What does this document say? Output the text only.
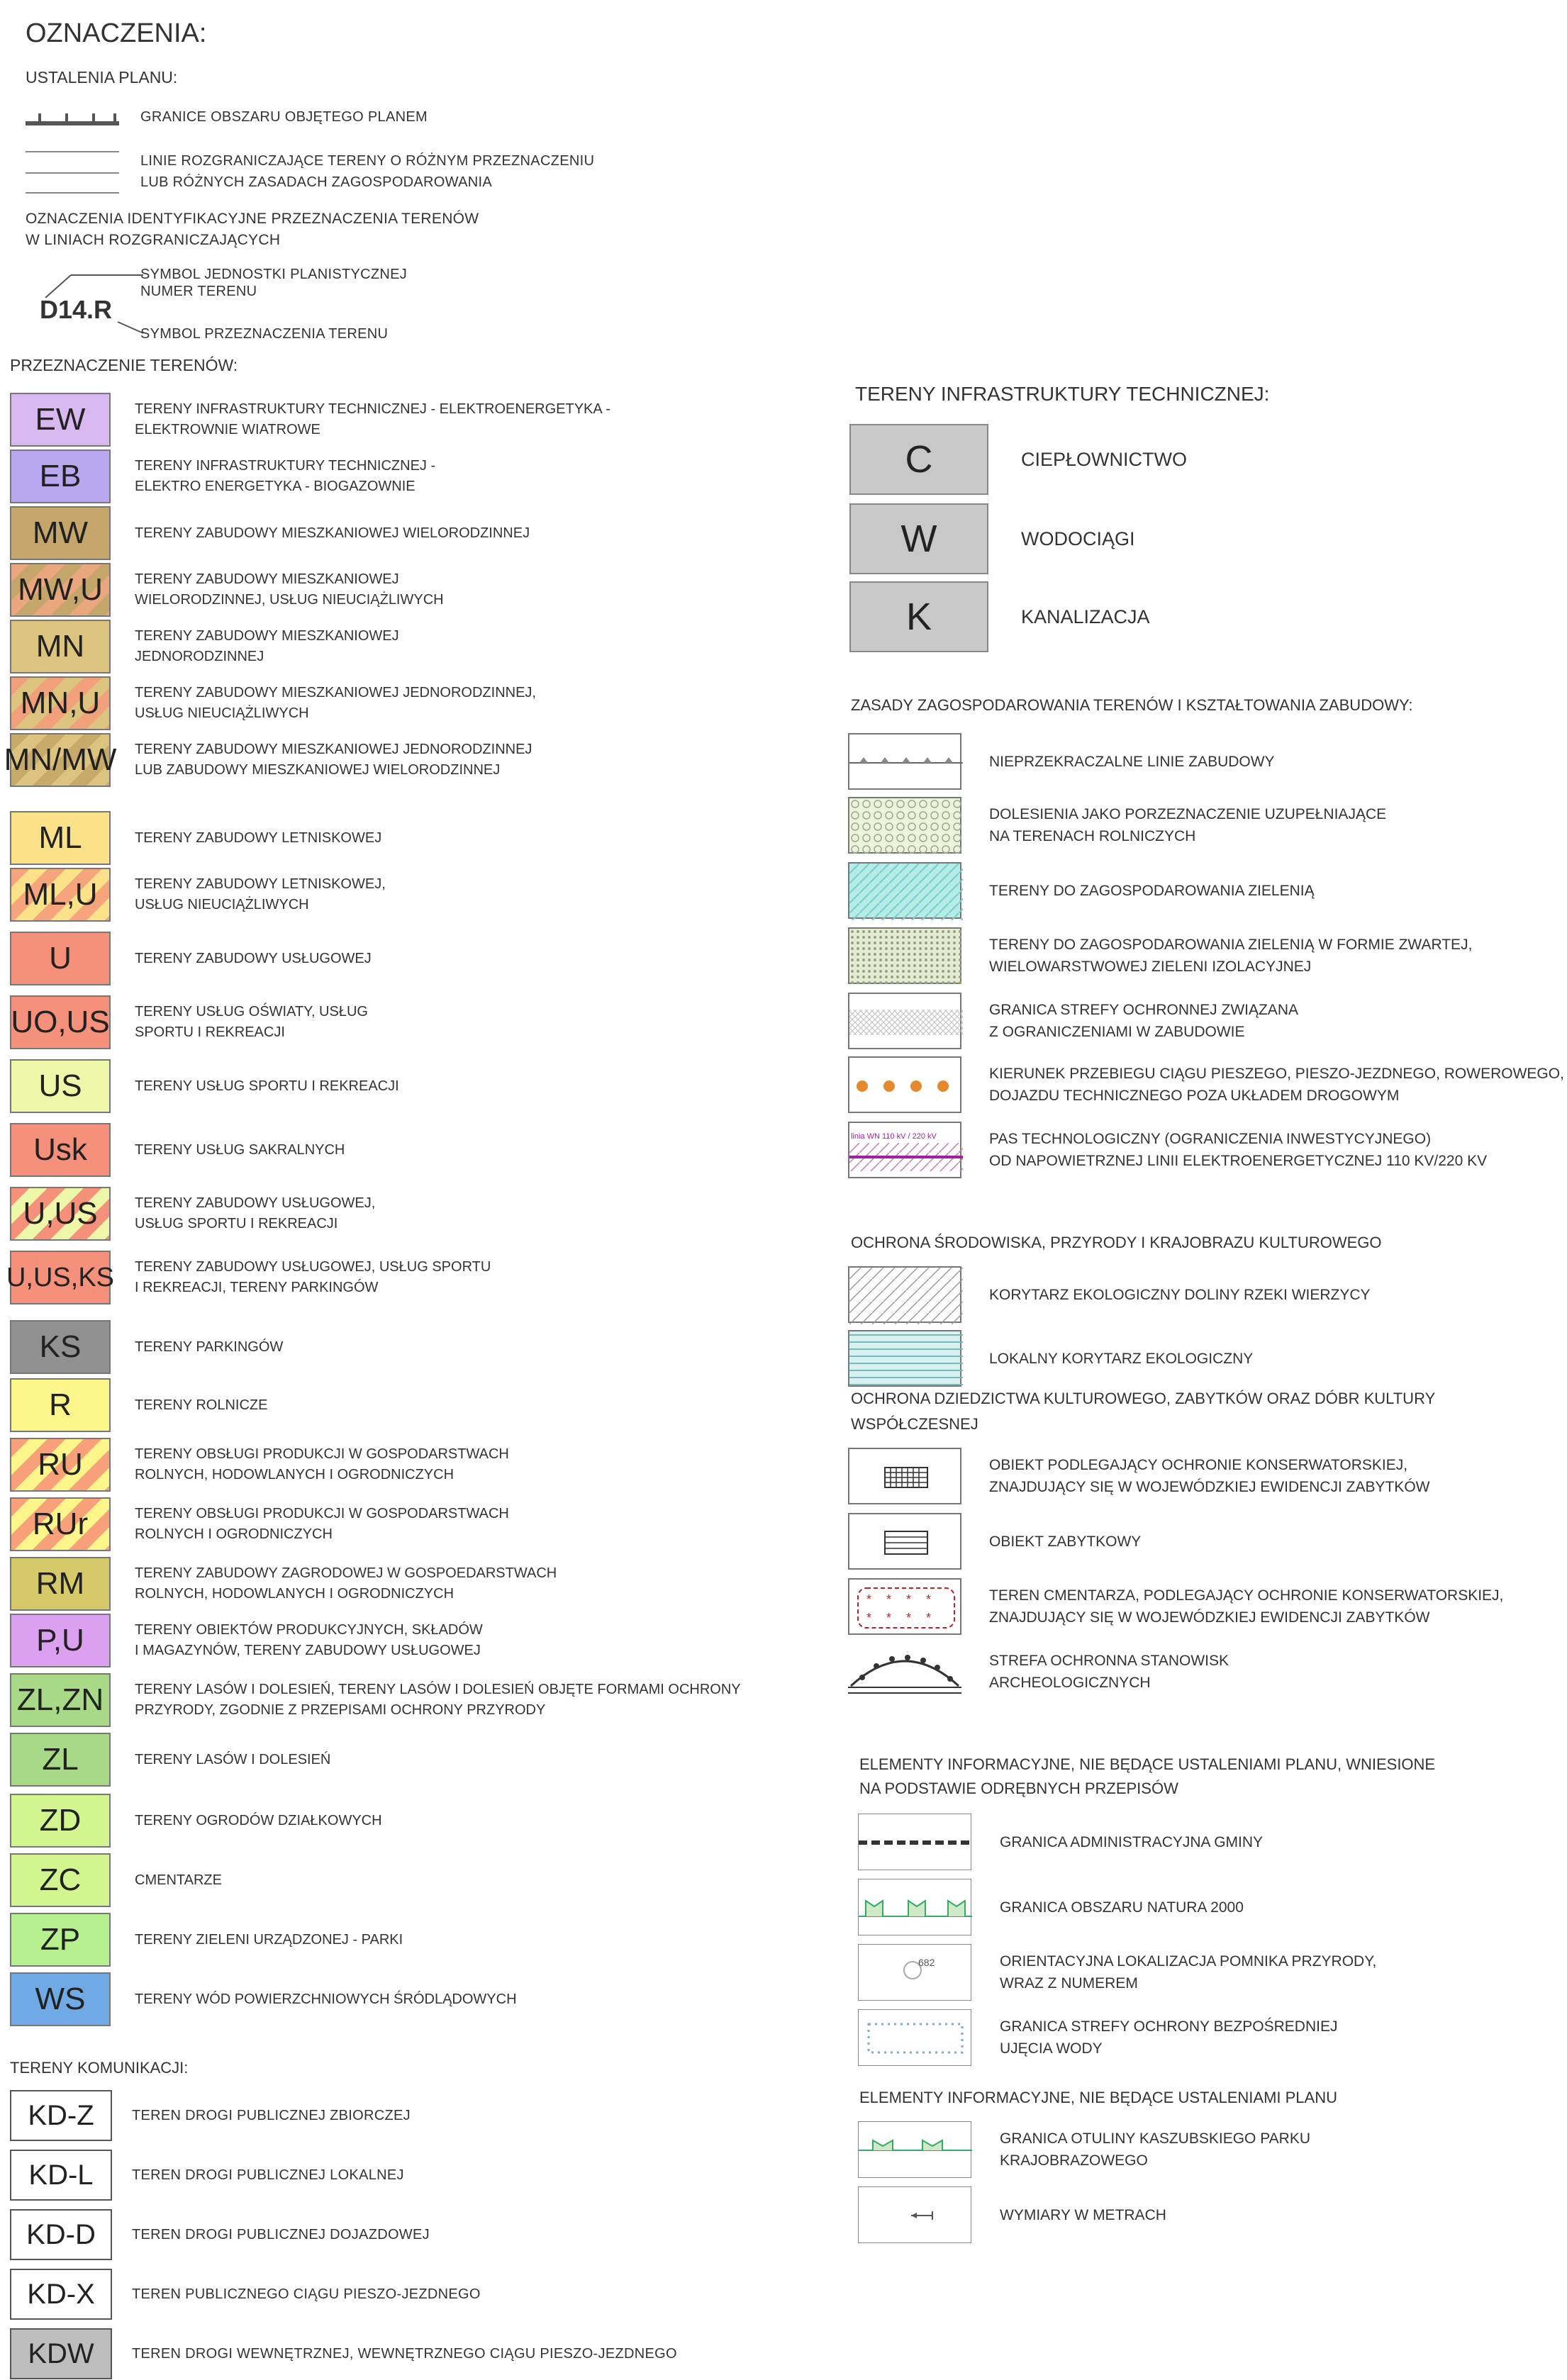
OZNACZENIA:
USTALENIA PLANU:
GRANICE OBSZARU OBJĘTEGO PLANEM
LINIE ROZGRANICZAJĄCE TERENY O RÓŻNYM PRZEZNACZENIU
LUB RÓŻNYCH ZASADACH ZAGOSPODAROWANIA
OZNACZENIA IDENTYFIKACYJNE PRZEZNACZENIA TERENÓW
W LINIACH ROZGRANICZAJĄCYCH
D14.R
SYMBOL JEDNOSTKI PLANISTYCZNEJ
NUMER TERENU
SYMBOL PRZEZNACZENIA TERENU
PRZEZNACZENIE TERENÓW:
EW	TERENY INFRASTRUKTURY TECHNICZNEJ - ELEKTROENERGETYKA -
ELEKTROWNIE WIATROWE
EB	TERENY INFRASTRUKTURY TECHNICZNEJ -
ELEKTRO ENERGETYKA - BIOGAZOWNIE
MW	TERENY ZABUDOWY MIESZKANIOWEJ WIELORODZINNEJ
MW,U	TERENY ZABUDOWY MIESZKANIOWEJ
WIELORODZINNEJ, USŁUG NIEUCIĄŻLIWYCH
MN	TERENY ZABUDOWY MIESZKANIOWEJ
JEDNORODZINNEJ
MN,U	TERENY ZABUDOWY MIESZKANIOWEJ JEDNORODZINNEJ,
USŁUG NIEUCIĄŻLIWYCH
MN/MW TERENY ZABUDOWY MIESZKANIOWEJ JEDNORODZINNEJ
LUB ZABUDOWY MIESZKANIOWEJ WIELORODZINNEJ
ML	TERENY ZABUDOWY LETNISKOWEJ
ML,U	TERENY ZABUDOWY LETNISKOWEJ,
USŁUG NIEUCIĄŻLIWYCH
U	TERENY ZABUDOWY USŁUGOWEJ
UO,US TERENY USŁUG OŚWIATY, USŁUG
SPORTU I REKREACJI
US	TERENY USŁUG SPORTU I REKREACJI
Usk	TERENY USŁUG SAKRALNYCH
U,US	TERENY ZABUDOWY USŁUGOWEJ,
USŁUG SPORTU I REKREACJI
U,US,KS TERENY ZABUDOWY USŁUGOWEJ, USŁUG SPORTU
I REKREACJI, TERENY PARKINGÓW
KS	TERENY PARKINGÓW
R	TERENY ROLNICZE
RU	TERENY OBSŁUGI PRODUKCJI W GOSPODARSTWACH
ROLNYCH, HODOWLANYCH I OGRODNICZYCH
RUr	TERENY OBSŁUGI PRODUKCJI W GOSPODARSTWACH
ROLNYCH I OGRODNICZYCH
RM	TERENY ZABUDOWY ZAGRODOWEJ W GOSPOEDARSTWACH
ROLNYCH, HODOWLANYCH I OGRODNICZYCH
P,U	TERENY OBIEKTÓW PRODUKCYJNYCH, SKŁADÓW
I MAGAZYNÓW, TERENY ZABUDOWY USŁUGOWEJ
ZL,ZN	TERENY LASÓW I DOLESIEŃ, TERENY LASÓW I DOLESIEŃ OBJĘTE FORMAMI OCHRONY
PRZYRODY, ZGODNIE Z PRZEPISAMI OCHRONY PRZYRODY
ZL	TERENY LASÓW I DOLESIEŃ
ZD	TERENY OGRODÓW DZIAŁKOWYCH
ZC	CMENTARZE
ZP	TERENY ZIELENI URZĄDZONEJ - PARKI
WS	TERENY WÓD POWIERZCHNIOWYCH ŚRÓDLĄDOWYCH
TERENY KOMUNIKACJI:
KD-Z	TEREN DROGI PUBLICZNEJ ZBIORCZEJ
KD-L	TEREN DROGI PUBLICZNEJ LOKALNEJ
KD-D	TEREN DROGI PUBLICZNEJ DOJAZDOWEJ
KD-X	TEREN PUBLICZNEGO CIĄGU PIESZO-JEZDNEGO
KDW	TEREN DROGI WEWNĘTRZNEJ, WEWNĘTRZNEGO CIĄGU PIESZO-JEZDNEGO
TERENY INFRASTRUKTURY TECHNICZNEJ:
C	CIEPŁOWNICTWO
W	WODOCIĄGI
K	KANALIZACJA
ZASADY ZAGOSPODAROWANIA TERENÓW I KSZTAŁTOWANIA ZABUDOWY:
linia WN 110 kV / 220 kV
NIEPRZEKRACZALNE LINIE ZABUDOWY
DOLESIENIA JAKO PORZEZNACZENIE UZUPEŁNIAJĄCE
NA TERENACH ROLNICZYCH
TERENY DO ZAGOSPODAROWANIA ZIELENIĄ
TERENY DO ZAGOSPODAROWANIA ZIELENIĄ W FORMIE ZWARTEJ,
WIELOWARSTWOWEJ ZIELENI IZOLACYJNEJ
GRANICA STREFY OCHRONNEJ ZWIĄZANA
Z OGRANICZENIAMI W ZABUDOWIE
KIERUNEK PRZEBIEGU CIĄGU PIESZEGO, PIESZO-JEZDNEGO, ROWEROWEGO,
DOJAZDU TECHNICZNEGO POZA UKŁADEM DROGOWYM
PAS TECHNOLOGICZNY (OGRANICZENIA INWESTYCYJNEGO)
OD NAPOWIETRZNEJ LINII ELEKTROENERGETYCZNEJ 110 KV/220 KV
OCHRONA ŚRODOWISKA, PRZYRODY I KRAJOBRAZU KULTUROWEGO
KORYTARZ EKOLOGICZNY DOLINY RZEKI WIERZYCY
LOKALNY KORYTARZ EKOLOGICZNY
OCHRONA DZIEDZICTWA KULTUROWEGO, ZABYTKÓW ORAZ DÓBR KULTURY
WSPÓŁCZESNEJ
* * * *
* * * *
OBIEKT PODLEGAJĄCY OCHRONIE KONSERWATORSKIEJ,
ZNAJDUJĄCY SIĘ W WOJEWÓDZKIEJ EWIDENCJI ZABYTKÓW
OBIEKT ZABYTKOWY
TEREN CMENTARZA, PODLEGAJĄCY OCHRONIE KONSERWATORSKIEJ,
ZNAJDUJĄCY SIĘ W WOJEWÓDZKIEJ EWIDENCJI ZABYTKÓW
STREFA OCHRONNA STANOWISK
ARCHEOLOGICZNYCH
ELEMENTY INFORMACYJNE, NIE BĘDĄCE USTALENIAMI PLANU, WNIESIONE
NA PODSTAWIE ODRĘBNYCH PRZEPISÓW
682
GRANICA ADMINISTRACYJNA GMINY
GRANICA OBSZARU NATURA 2000
ORIENTACYJNA LOKALIZACJA POMNIKA PRZYRODY,
WRAZ Z NUMEREM
GRANICA STREFY OCHRONY BEZPOŚREDNIEJ
UJĘCIA WODY
ELEMENTY INFORMACYJNE, NIE BĘDĄCE USTALENIAMI PLANU
GRANICA OTULINY KASZUBSKIEGO PARKU
KRAJOBRAZOWEGO
WYMIARY W METRACH
